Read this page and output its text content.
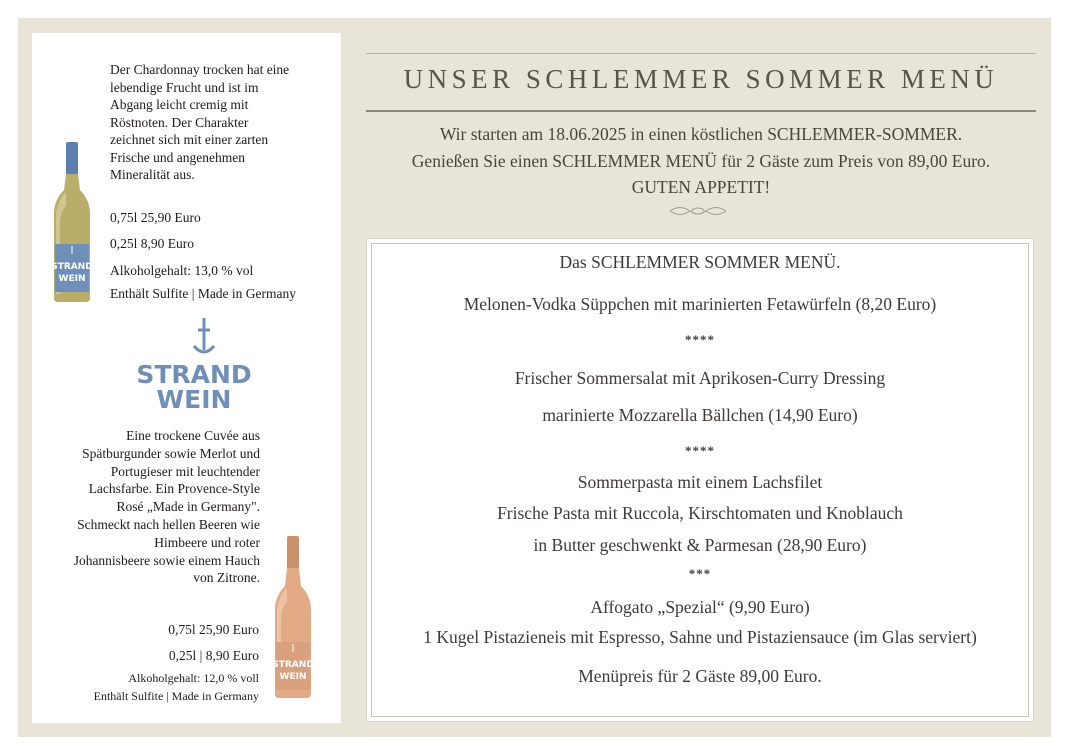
STRAND
WEIN
Der Chardonnay trocken hat eine
lebendige Frucht und ist im
Abgang leicht cremig mit
Röstnoten. Der Charakter
zeichnet sich mit einer zarten
Frische und angenehmen
Mineralität aus.
0,75l 25,90 Euro
0,25l 8,90 Euro
Alkoholgehalt: 13,0 % vol
Enthält Sulfite | Made in Germany
STRAND
WEIN
Eine trockene Cuvée aus
Spätburgunder sowie Merlot und
Portugieser mit leuchtender
Lachsfarbe. Ein Provence-Style
Rosé „Made in Germany".
Schmeckt nach hellen Beeren wie
Himbeere und roter
Johannisbeere sowie einem Hauch
von Zitrone.
STRAND
WEIN
0,75l 25,90 Euro
0,25l | 8,90 Euro
Alkoholgehalt: 12,0 % voll
Enthält Sulfite | Made in Germany
UNSER SCHLEMMER SOMMER MENÜ
Wir starten am 18.06.2025 in einen köstlichen SCHLEMMER-SOMMER.
Genießen Sie einen SCHLEMMER MENÜ für 2 Gäste zum Preis von 89,00 Euro.
GUTEN APPETIT!
Das SCHLEMMER SOMMER MENÜ.
Melonen-Vodka Süppchen mit marinierten Fetawürfeln (8,20 Euro)
****
Frischer Sommersalat mit Aprikosen-Curry Dressing
marinierte Mozzarella Bällchen (14,90 Euro)
****
Sommerpasta mit einem Lachsfilet
Frische Pasta mit Ruccola, Kirschtomaten und Knoblauch
in Butter geschwenkt & Parmesan (28,90 Euro)
***
Affogato „Spezial“ (9,90 Euro)
1 Kugel Pistazieneis mit Espresso, Sahne und Pistaziensauce (im Glas serviert)
Menüpreis für 2 Gäste 89,00 Euro.
